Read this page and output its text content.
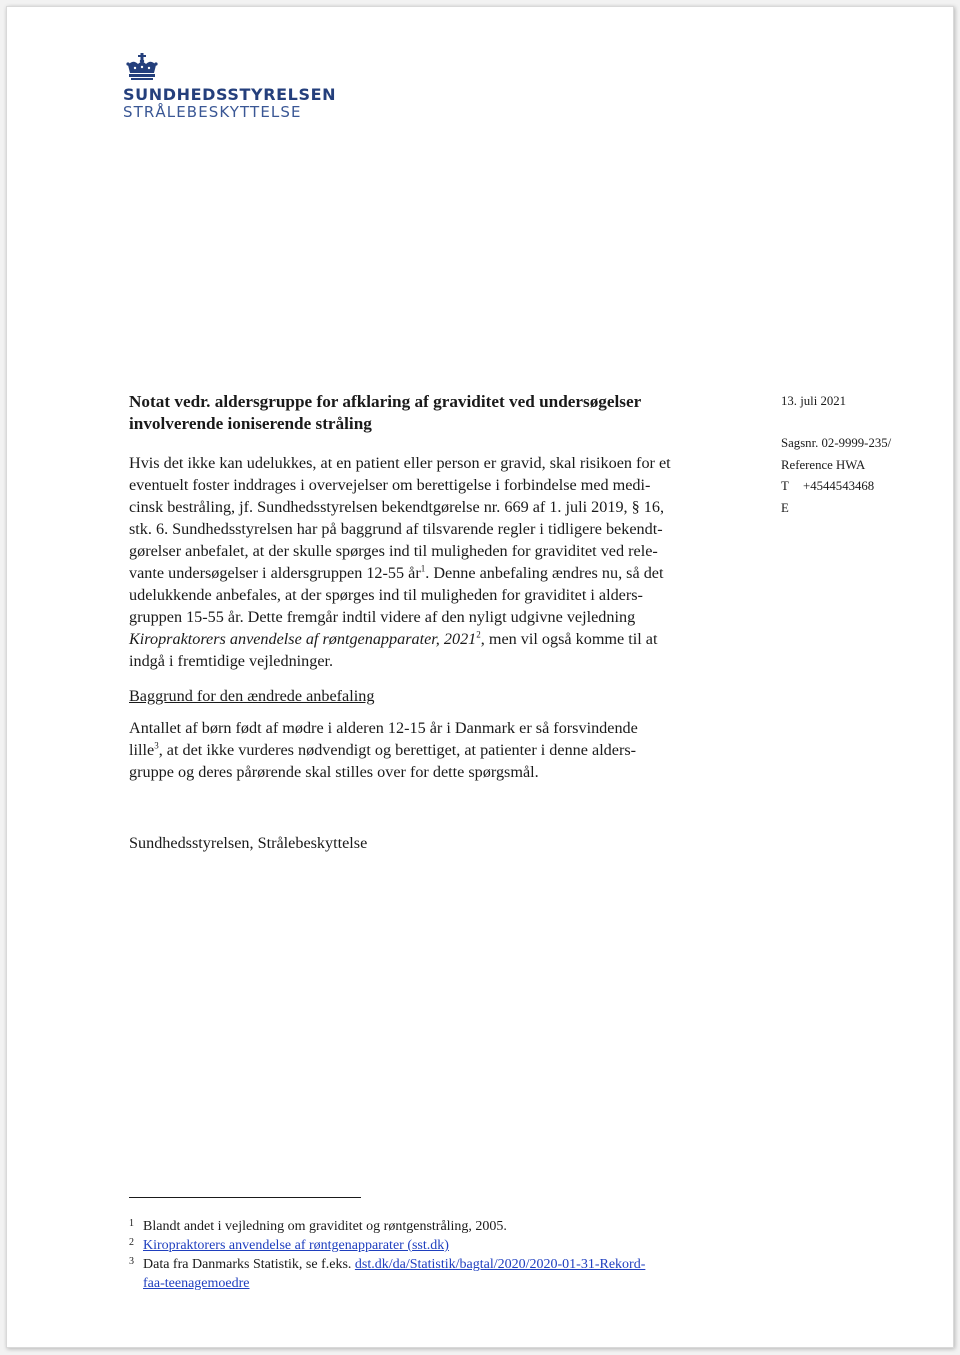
SUNDHEDSSTYRELSEN
STRÅLEBESKYTTELSE
Notat vedr. aldersgruppe for afklaring af graviditet ved undersøgelser
involverende ioniserende stråling
13. juli 2021
Sagsnr. 02-9999-235/
Reference HWA
T +4544543468
E
Hvis det ikke kan udelukkes, at en patient eller person er gravid, skal risikoen for et
eventuelt foster inddrages i overvejelser om berettigelse i forbindelse med medi-
cinsk bestråling, jf. Sundhedsstyrelsen bekendtgørelse nr. 669 af 1. juli 2019, § 16,
stk. 6. Sundhedsstyrelsen har på baggrund af tilsvarende regler i tidligere bekendt-
gørelser anbefalet, at der skulle spørges ind til muligheden for graviditet ved rele-
vante undersøgelser i aldersgruppen 12-55 $år^1$. Denne anbefaling ændres nu, så det
udelukkende anbefales, at der spørges ind til muligheden for graviditet i alders-
gruppen 15-55 år. Dette fremgår indtil videre af den nyligt udgivne vejledning
Kiropraktorers anvendelse af røntgenapparater, 2021$^2$, men vil også komme til at
indgå i fremtidige vejledninger.
Baggrund for den ændrede anbefaling
Antallet af børn født af mødre i alderen 12-15 år i Danmark er så forsvindende
lille$^3$, at det ikke vurderes nødvendigt og berettiget, at patienter i denne alders-
gruppe og deres pårørende skal stilles over for dette spørgsmål.
Sundhedsstyrelsen, Strålebeskyttelse
1 Blandt andet i vejledning om graviditet og røntgenstråling, 2005.
2 Kiropraktorers anvendelse af røntgenapparater (sst.dk)
3 Data fra Danmarks Statistik, se f.eks. dst.dk/da/Statistik/bagtal/2020/2020-01-31-Rekord-
faa-teenagemoedre
